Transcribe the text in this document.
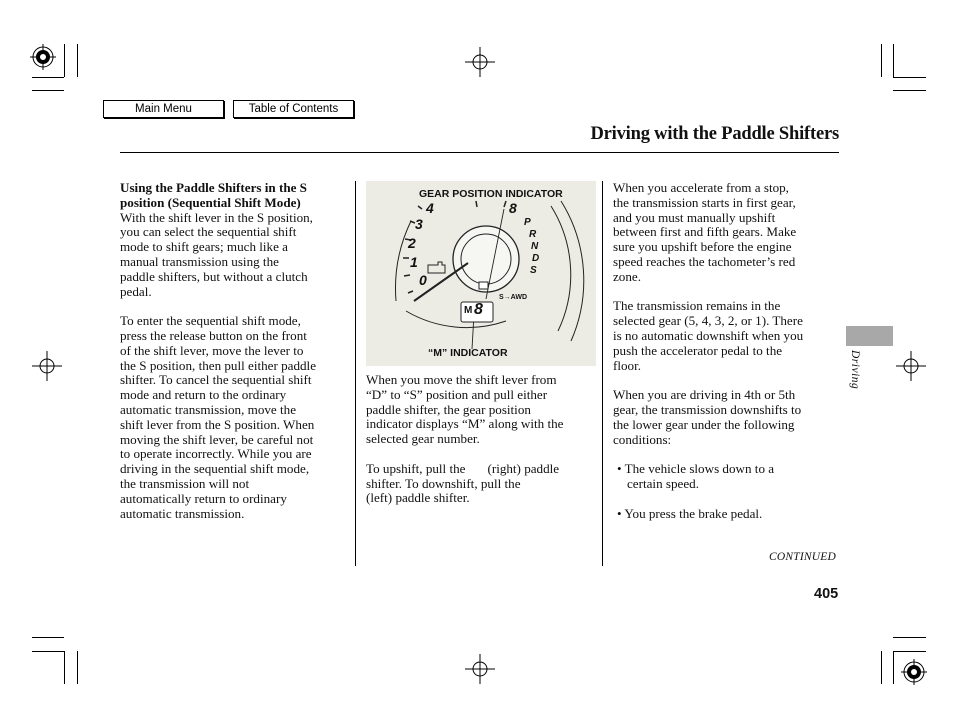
Main Menu	Table of Contents
Driving with the Paddle Shifters

Using the Paddle Shifters in the S

position (Sequential Shift Mode)

With the shift lever in the S position,

you can select the sequential shift

mode to shift gears; much like a

manual transmission using the

paddle shifters, but without a clutch

pedal.

To enter the sequential shift mode,

press the release button on the front

of the shift lever, move the lever to

the S position, then pull either paddle

shifter. To cancel the sequential shift

mode and return to the ordinary

automatic transmission, move the

shift lever from the S position. When

moving the shift lever, be careful not

to operate incorrectly. While you are

driving in the sequential shift mode,

the transmission will not

automatically return to ordinary

automatic transmission.

GEAR POSITION INDICATOR
“M” INDICATOR
0
1
2
3
4	8
P
R
N
D
S
M 8
S→AWD

When you move the shift lever from

“D” to “S” position and pull either

paddle shifter, the gear position

indicator displays “M” along with the

selected gear number.

To upshift, pull the (right) paddle

shifter. To downshift, pull the

(left) paddle shifter.

When you accelerate from a stop,

the transmission starts in first gear,

and you must manually upshift

between first and fifth gears. Make

sure you upshift before the engine

speed reaches the tachometer’s red

zone.

The transmission remains in the

selected gear (5, 4, 3, 2, or 1). There

is no automatic downshift when you

push the accelerator pedal to the

floor.

When you are driving in 4th or 5th

gear, the transmission downshifts to

the lower gear under the following

conditions:

• The vehicle slows down to a

certain speed.

• You press the brake pedal.

Driving
CONTINUED
405
